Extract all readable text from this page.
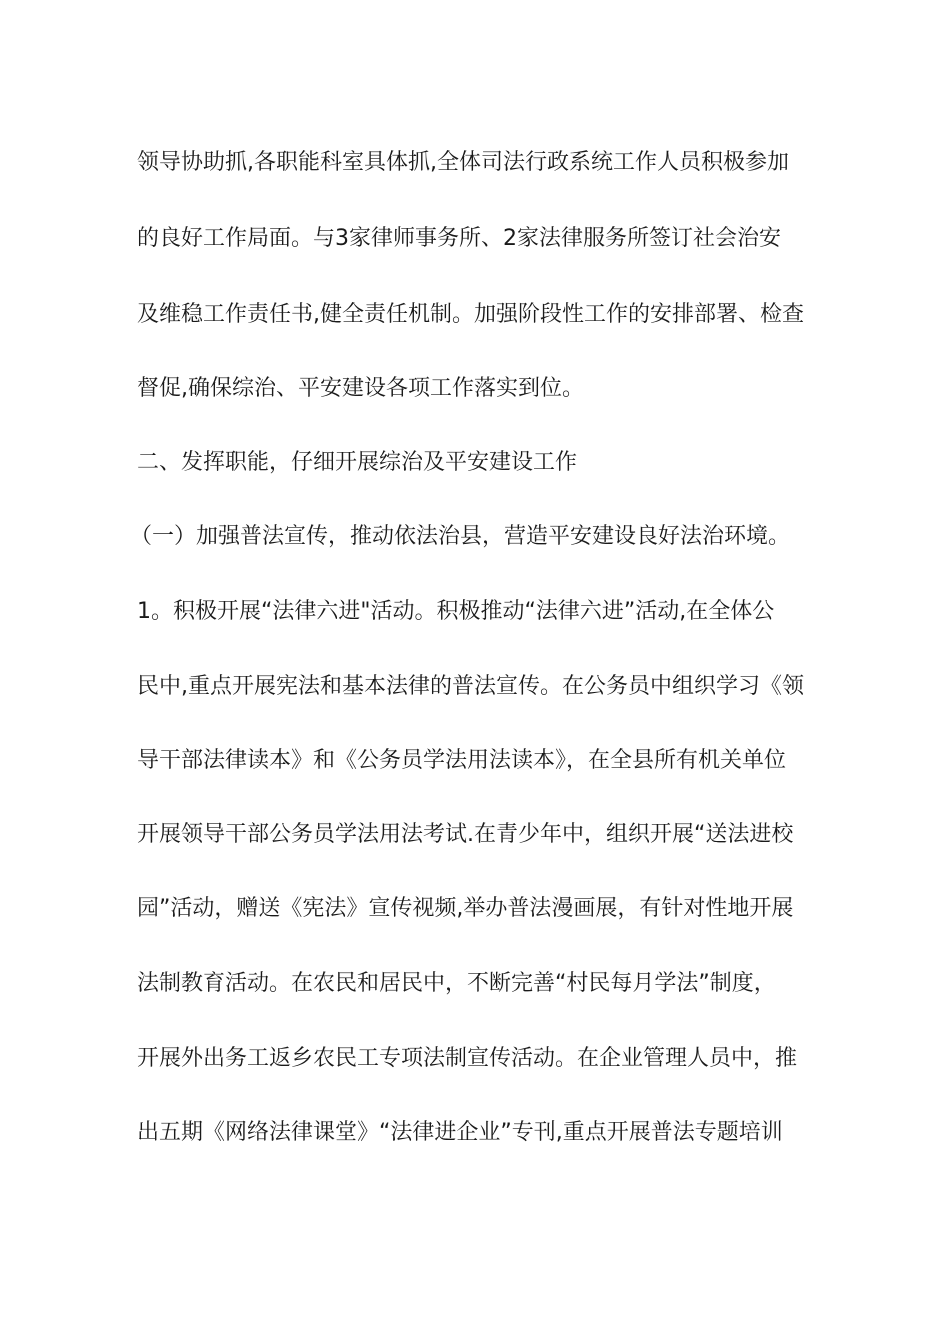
领导协助抓,各职能科室具体抓,全体司法行政系统工作人员积极参加

的良好工作局面。与3家律师事务所、2家法律服务所签订社会治安

及维稳工作责任书,健全责任机制。加强阶段性工作的安排部署、检查

督促,确保综治、平安建设各项工作落实到位。

二、发挥职能，仔细开展综治及平安建设工作

（一）加强普法宣传，推动依法治县，营造平安建设良好法治环境。

1。积极开展“法律六进"活动。积极推动“法律六进”活动,在全体公

民中,重点开展宪法和基本法律的普法宣传。在公务员中组织学习《领

导干部法律读本》和《公务员学法用法读本》，在全县所有机关单位

开展领导干部公务员学法用法考试.在青少年中，组织开展“送法进校

园”活动，赠送《宪法》宣传视频,举办普法漫画展，有针对性地开展

法制教育活动。在农民和居民中，不断完善“村民每月学法”制度，

开展外出务工返乡农民工专项法制宣传活动。在企业管理人员中，推

出五期《网络法律课堂》“法律进企业”专刊,重点开展普法专题培训
